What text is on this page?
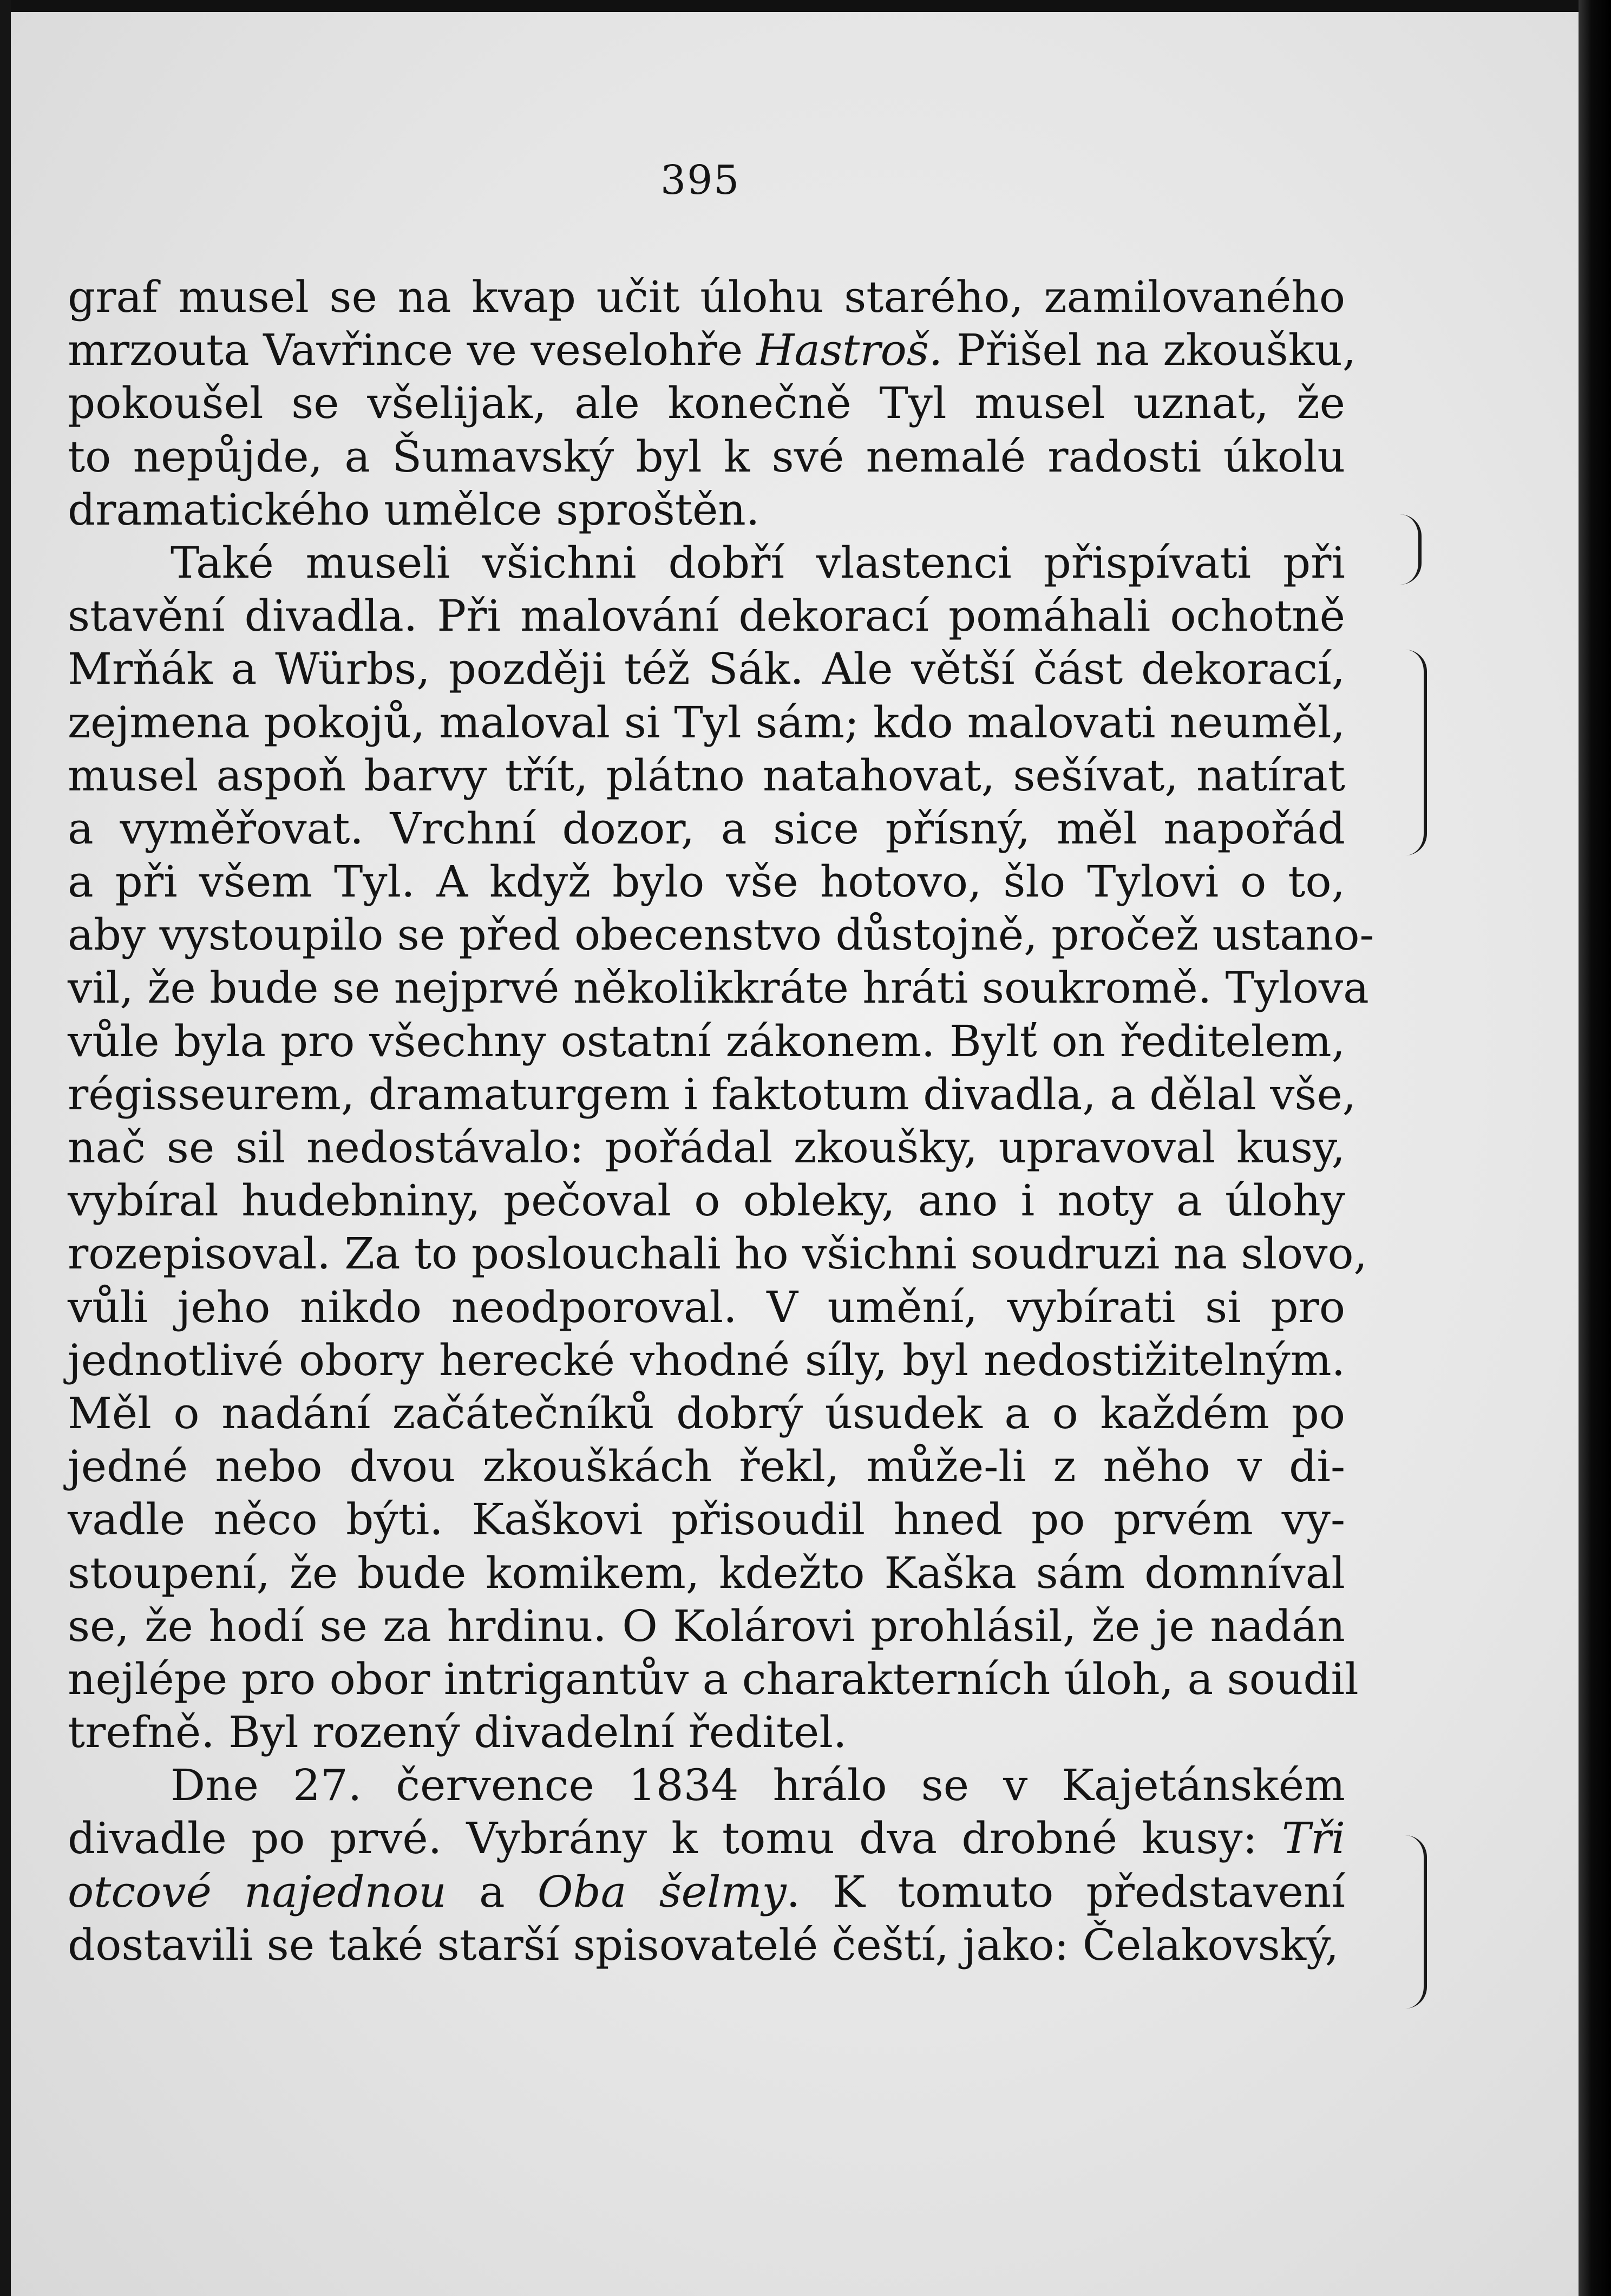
395
graf musel se na kvap učit úlohu starého, zamilovaného
mrzouta Vavřince ve veselohře Hastroš. Přišel na zkoušku,
pokoušel se všelijak, ale konečně Tyl musel uznat, že
to nepůjde, a Šumavský byl k své nemalé radosti úkolu
dramatického umělce sproštěn.
Také museli všichni dobří vlastenci přispívati při
stavění divadla. Při malování dekorací pomáhali ochotně
Mrňák a Würbs, později též Sák. Ale větší část dekorací,
zejmena pokojů, maloval si Tyl sám; kdo malovati neuměl,
musel aspoň barvy třít, plátno natahovat, sešívat, natírat
a vyměřovat. Vrchní dozor, a sice přísný, měl napořád
a při všem Tyl. A když bylo vše hotovo, šlo Tylovi o to,
aby vystoupilo se před obecenstvo důstojně, pročež ustano-
vil, že bude se nejprvé několikkráte hráti soukromě. Tylova
vůle byla pro všechny ostatní zákonem. Bylť on ředitelem,
régisseurem, dramaturgem i faktotum divadla, a dělal vše,
nač se sil nedostávalo: pořádal zkoušky, upravoval kusy,
vybíral hudebniny, pečoval o obleky, ano i noty a úlohy
rozepisoval. Za to poslouchali ho všichni soudruzi na slovo,
vůli jeho nikdo neodporoval. V umění, vybírati si pro
jednotlivé obory herecké vhodné síly, byl nedostižitelným.
Měl o nadání začátečníků dobrý úsudek a o každém po
jedné nebo dvou zkouškách řekl, může-li z něho v di-
vadle něco býti. Kaškovi přisoudil hned po prvém vy-
stoupení, že bude komikem, kdežto Kaška sám domníval
se, že hodí se za hrdinu. O Kolárovi prohlásil, že je nadán
nejlépe pro obor intrigantův a charakterních úloh, a soudil
trefně. Byl rozený divadelní ředitel.
Dne 27. července 1834 hrálo se v Kajetánském
divadle po prvé. Vybrány k tomu dva drobné kusy: Tři
otcové najednou a Oba šelmy. K tomuto představení
dostavili se také starší spisovatelé čeští, jako: Čelakovský,
